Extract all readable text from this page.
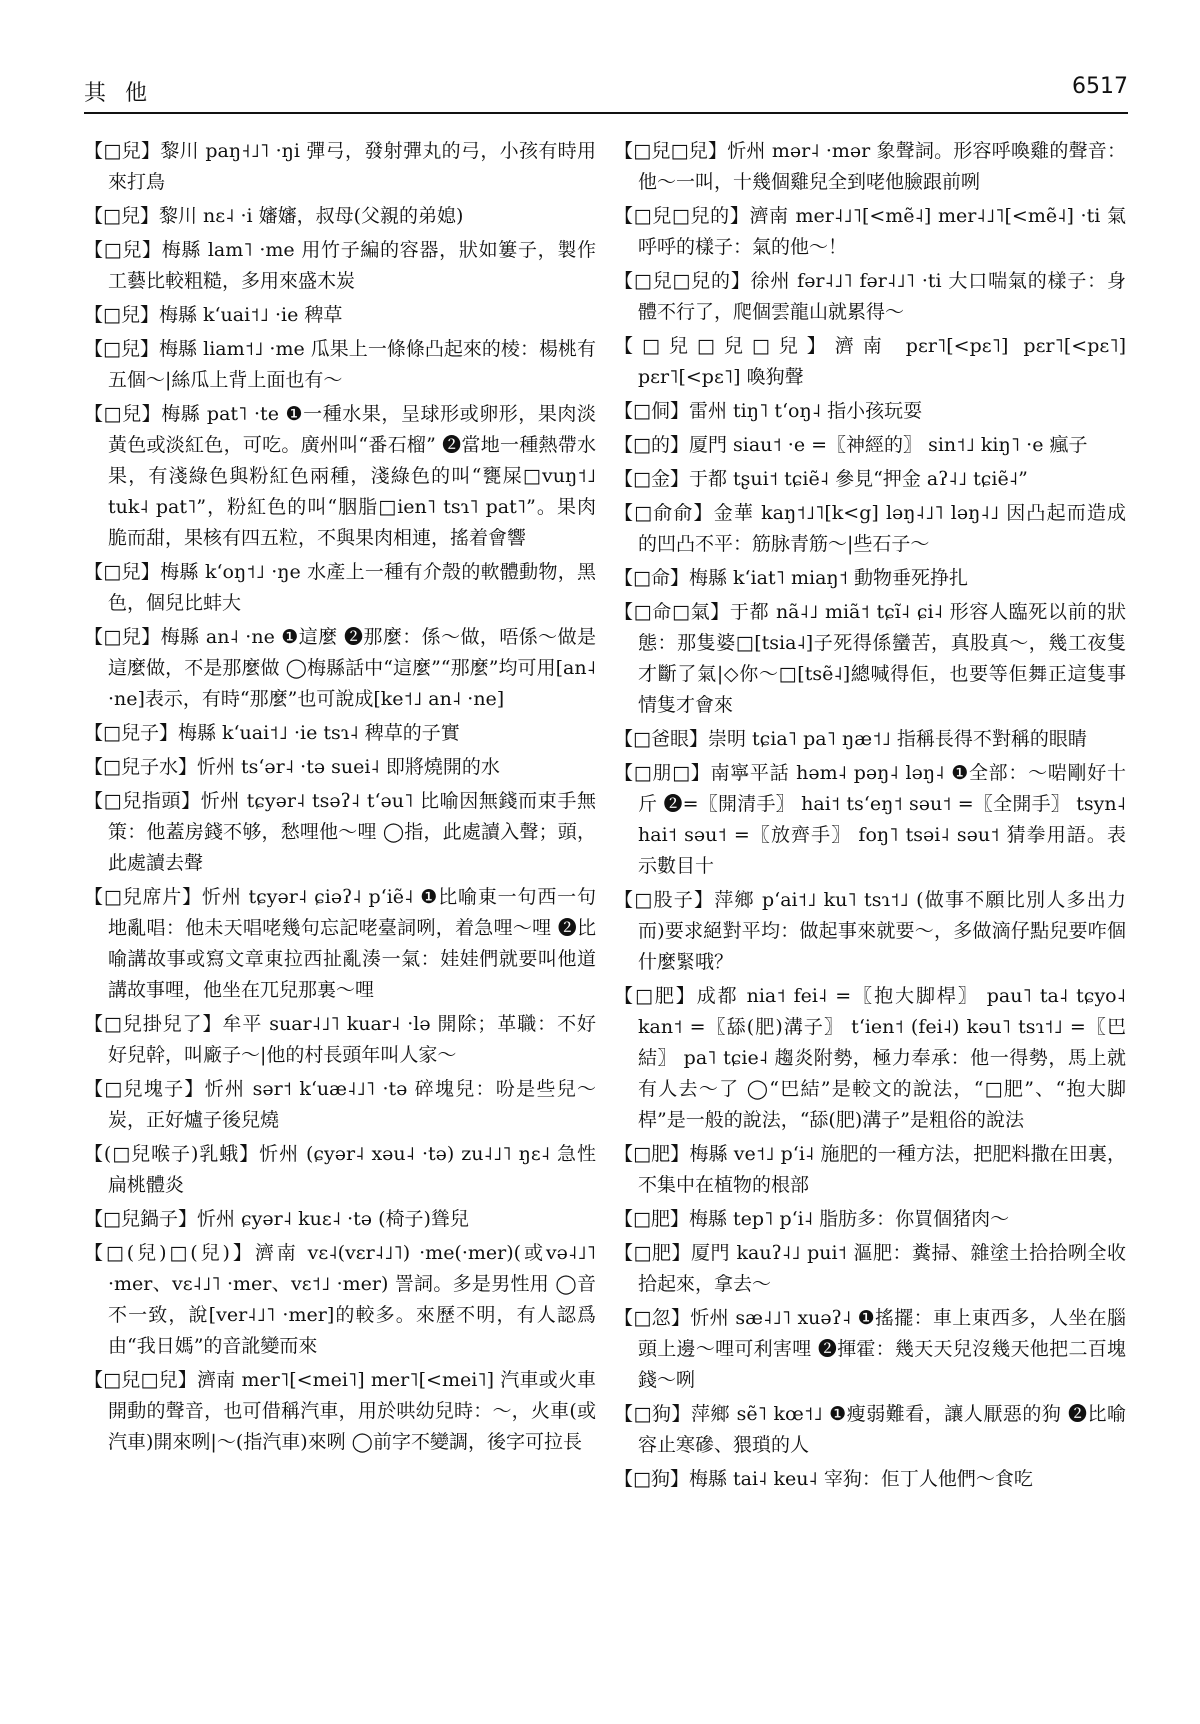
其 他	6517

【□兒】黎川 paŋ˧˩˥ ·ŋi 彈弓，發射彈丸的弓，小孩有時用來打鳥

【□兒】黎川 nɛ˨ ·i 嬸嬸，叔母(父親的弟媳)

【□兒】梅縣 lam˥ ·me 用竹子編的容器，狀如簍子，製作工藝比較粗糙，多用來盛木炭

【□兒】梅縣 kʻuai˦˩ ·ie 稗草

【□兒】梅縣 liam˦˩ ·me 瓜果上一條條凸起來的棱：楊桃有五個～|絲瓜上背上面也有～

【□兒】梅縣 pat˥ ·te ❶一種水果，呈球形或卵形，果肉淡黃色或淡紅色，可吃。廣州叫“番石榴” ❷當地一種熱帶水果，有淺綠色與粉紅色兩種，淺綠色的叫“甕屎□vuŋ˦˩ tuk˨ pat˥”，粉紅色的叫“胭脂□ien˥ tsɿ˥ pat˥”。果肉脆而甜，果核有四五粒，不與果肉相連，搖着會響

【□兒】梅縣 kʻoŋ˦˩ ·ŋe 水產上一種有介殼的軟體動物，黑色，個兒比蚌大

【□兒】梅縣 an˨ ·ne ❶這麼 ❷那麼：係～做，唔係～做是這麼做，不是那麼做 ◯梅縣話中“這麼”“那麼”均可用[an˨ ·ne]表示，有時“那麼”也可說成[ke˦˩ an˨ ·ne]

【□兒子】梅縣 kʻuai˦˩ ·ie tsɿ˨ 稗草的子實

【□兒子水】忻州 tsʻər˨ ·tə suei˨ 即將燒開的水

【□兒指頭】忻州 tɕyər˨ tsəʔ˨ tʻəu˥ 比喻因無錢而束手無策：他蓋房錢不够，愁哩他～哩 ◯指，此處讀入聲；頭，此處讀去聲

【□兒席片】忻州 tɕyər˨ ɕiəʔ˨ pʻiẽ˨ ❶比喻東一句西一句地亂唱：他未天唱咾幾句忘記咾臺詞咧，着急哩～哩 ❷比喻講故事或寫文章東拉西扯亂湊一氣：娃娃們就要叫他道講故事哩，他坐在兀兒那裏～哩

【□兒掛兒了】牟平 suar˨˩˥ kuar˨ ·lə 開除；革職：不好好兒幹，叫廠子～|他的村長頭年叫人家～

【□兒塊子】忻州 sər˦ kʻuæ˨˩˥ ·tə 碎塊兒：吩是些兒～炭，正好爐子後兒燒

【(□兒喉子)乳蛾】忻州 (ɕyər˨ xəu˨ ·tə) zu˨˩˥ ŋɛ˨ 急性扁桃體炎

【□兒鍋子】忻州 ɕyər˨ kuɛ˨ ·tə (椅子)聳兒

【□(兒)□(兒)】濟南 vɛ˨(vɛr˨˩˥) ·me(·mer)(或və˨˩˥ ·mer、vɛ˨˩˥ ·mer、vɛ˦˩ ·mer) 詈詞。多是男性用 ◯音不一致，說[ver˨˩˥ ·mer]的較多。來歷不明，有人認爲由“我日媽”的音訛變而來

【□兒□兒】濟南 mer˥[<mei˥] mer˥[<mei˥] 汽車或火車開動的聲音，也可借稱汽車，用於哄幼兒時：～，火車(或汽車)開來咧|～(指汽車)來咧 ◯前字不變調，後字可拉長

【□兒□兒】忻州 mər˨ ·mər 象聲詞。形容呼喚雞的聲音：他～一叫，十幾個雞兒全到咾他臉跟前咧

【□兒□兒的】濟南 mer˨˩˥[<mẽ˨] mer˨˩˥[<mẽ˨] ·ti 氣呼呼的樣子：氣的他～！

【□兒□兒的】徐州 fər˨˩˥ fər˨˩˥ ·ti 大口喘氣的樣子：身體不行了，爬個雲龍山就累得～

【□兒□兒□兒】濟南 pɛr˥[<pɛ˥] pɛr˥[<pɛ˥] pɛr˥[<pɛ˥] 喚狗聲

【□侗】雷州 tiŋ˥ tʻoŋ˨ 指小孩玩耍

【□的】厦門 siau˦ ·e =〖神經的〗 sin˦˩ kiŋ˥ ·e 瘋子

【□金】于都 tʂui˦ tɕiẽ˨ 參見“押金 aʔ˨˩ tɕiẽ˨”

【□俞俞】金華 kaŋ˦˩˥[k<g] ləŋ˨˩˥ ləŋ˨˩ 因凸起而造成的凹凸不平：筋脉青筋～|些石子～

【□命】梅縣 kʻiat˥ miaŋ˦ 動物垂死挣扎

【□命□氣】于都 nã˨˩ miã˦ tɕĩ˨ ɕi˨ 形容人臨死以前的狀態：那隻婆□[tsia˨]子死得係蠻苦，真股真～，幾工夜隻才斷了氣|◇你～□[tsẽ˨]總喊得佢，也要等佢舞正這隻事情隻才會來

【□爸眼】崇明 tɕia˥ pa˥ ŋæ˦˩ 指稱長得不對稱的眼睛

【□朋□】南寧平話 həm˨ pəŋ˨ ləŋ˨ ❶全部：～啱剛好十斤 ❷=〖開清手〗 hai˦ tsʻeŋ˦ səu˦ =〖全開手〗 tsyn˨ hai˦ səu˦ =〖放齊手〗 foŋ˥ tsəi˨ səu˦ 猜拳用語。表示數目十

【□股子】萍鄉 pʻai˦˩ ku˥ tsɿ˦˩ (做事不願比別人多出力而)要求絕對平均：做起事來就要～，多做滴仔點兒要咋個什麼緊哦？

【□肥】成都 nia˦ fei˨ =〖抱大脚桿〗 pau˥ ta˨ tɕyo˨ kan˦ =〖舔(肥)溝子〗 tʻien˦ (fei˨) kəu˥ tsɿ˦˩ =〖巴結〗 pa˥ tɕie˨ 趨炎附勢，極力奉承：他一得勢，馬上就有人去～了 ◯“巴結”是較文的說法，“□肥”、“抱大脚桿”是一般的說法，“舔(肥)溝子”是粗俗的說法

【□肥】梅縣 ve˦˩ pʻi˨ 施肥的一種方法，把肥料撒在田裏，不集中在植物的根部

【□肥】梅縣 tep˥ pʻi˨ 脂肪多：你買個猪肉～

【□肥】厦門 kauʔ˨˩ pui˦ 漚肥：糞掃、雜塗土拾拾咧全收拾起來，拿去～

【□忽】忻州 sæ˨˩˥ xuəʔ˨ ❶搖擺：車上東西多，人坐在腦頭上邊～哩可利害哩 ❷揮霍：幾天天兒沒幾天他把二百塊錢～咧

【□狗】萍鄉 sẽ˥ kœ˦˩ ❶瘦弱難看，讓人厭惡的狗 ❷比喻容止寒磣、猥瑣的人

【□狗】梅縣 tai˨ keu˨ 宰狗：佢丁人他們～食吃
